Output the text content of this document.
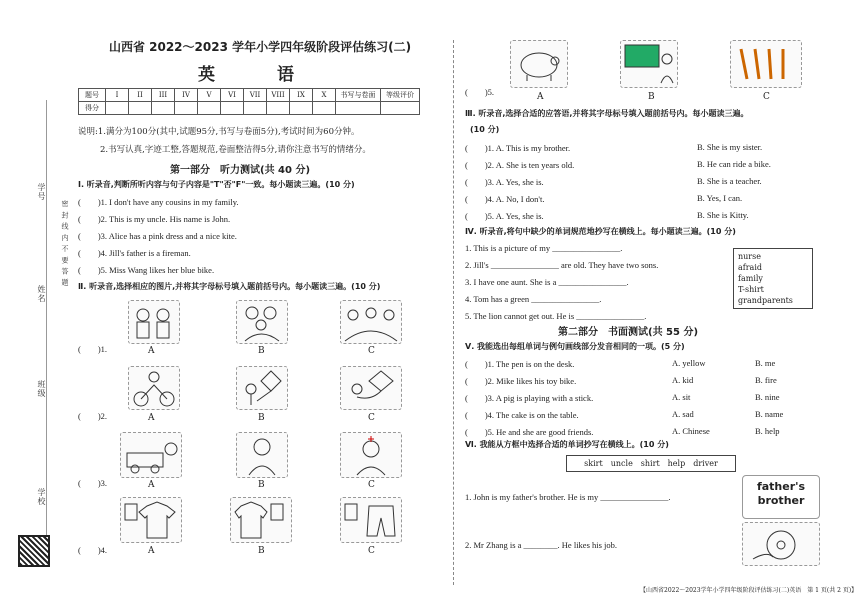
密 封 线 内 不 要 答 题
学校
班级
姓名
学号
山西省 2022～2023 学年小学四年级阶段评估练习(二)
英 语
题号	I	II	III	IV	V	VI	VII	VIII	IX	X	书写与卷面	等级评价
得分												
说明:1.满分为100分(其中,试题95分,书写与卷面5分),考试时间为60分钟。
2.书写认真,字迹工整,答题规范,卷面整洁得5分,请你注意书写的情绪分。
第一部分　听力测试(共 40 分)
Ⅰ. 听录音,判断所听内容与句子内容是"T"否"F"一致。每小题读三遍。(10 分)
(　　)1. I don't have any cousins in my family.
(　　)2. This is my uncle. His name is John.
(　　)3. Alice has a pink dress and a nice kite.
(　　)4. Jill's father is a fireman.
(　　)5. Miss Wang likes her blue bike.
Ⅱ. 听录音,选择相应的图片,并将其字母标号填入题前括号内。每小题读三遍。(10 分)
(　　)1.
(　　)2.
(　　)3.
(　　)4.
A	B	C
A	B	C
A	B	C
A	B	C
(　　)5.	A	B	C
Ⅲ. 听录音,选择合适的应答语,并将其字母标号填入题前括号内。每小题读三遍。
(10 分)
(　　)1. A. This is my brother.	B. She is my sister.
(　　)2. A. She is ten years old.	B. He can ride a bike.
(　　)3. A. Yes, she is.	B. She is a teacher.
(　　)4. A. No, I don't.	B. Yes, I can.
(　　)5. A. Yes, she is.	B. She is Kitty.
Ⅳ. 听录音,将句中缺少的单词规范地抄写在横线上。每小题读三遍。(10 分)
1. This is a picture of my ________________.
2. Jill's ________________ are old. They have two sons.
3. I have one aunt. She is a ________________.
4. Tom has a green ________________.
5. The lion cannot get out. He is ________________.
nurse
afraid
family
T-shirt
grandparents
第二部分　书面测试(共 55 分)
Ⅴ. 我能选出每组单词与例句画线部分发音相同的一项。(5 分)
(　　)1. The pen is on the desk.	A. yellow	B. me
(　　)2. Mike likes his toy bike.	A. kid	B. fire
(　　)3. A pig is playing with a stick.	A. sit	B. nine
(　　)4. The cake is on the table.	A. sad	B. name
(　　)5. He and she are good friends.	A. Chinese	B. help
Ⅵ. 我能从方框中选择合适的单词抄写在横线上。(10 分)
skirt　uncle　shirt　help　driver
1. John is my father's brother. He is my ________________.
2. Mr Zhang is a ________. He likes his job.
father's
brother
【山西省2022～2023学年小学四年级阶段评估练习(二)英语　第 1 页(共 2 页)】
